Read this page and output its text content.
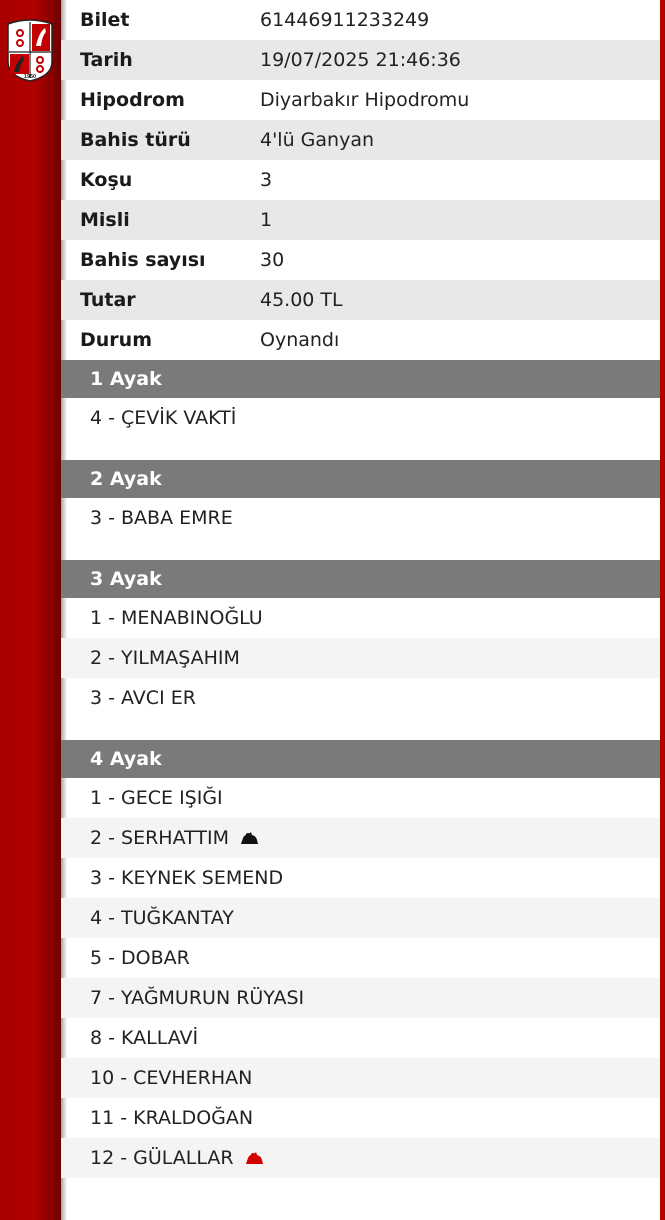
1950
Bilet	61446911233249
Tarih	19/07/2025 21:46:36
Hipodrom	Diyarbakır Hipodromu
Bahis türü	4'lü Ganyan
Koşu	3
Misli	1
Bahis sayısı	30
Tutar	45.00 TL
Durum	Oynandı
1 Ayak
4 - ÇEVİK VAKTİ
2 Ayak
3 - BABA EMRE
3 Ayak
1 - MENABINOĞLU
2 - YILMAŞAHIM
3 - AVCI ER
4 Ayak
1 - GECE IŞIĞI
2 - SERHATTIM
3 - KEYNEK SEMEND
4 - TUĞKANTAY
5 - DOBAR
7 - YAĞMURUN RÜYASI
8 - KALLAVİ
10 - CEVHERHAN
11 - KRALDOĞAN
12 - GÜLALLAR
